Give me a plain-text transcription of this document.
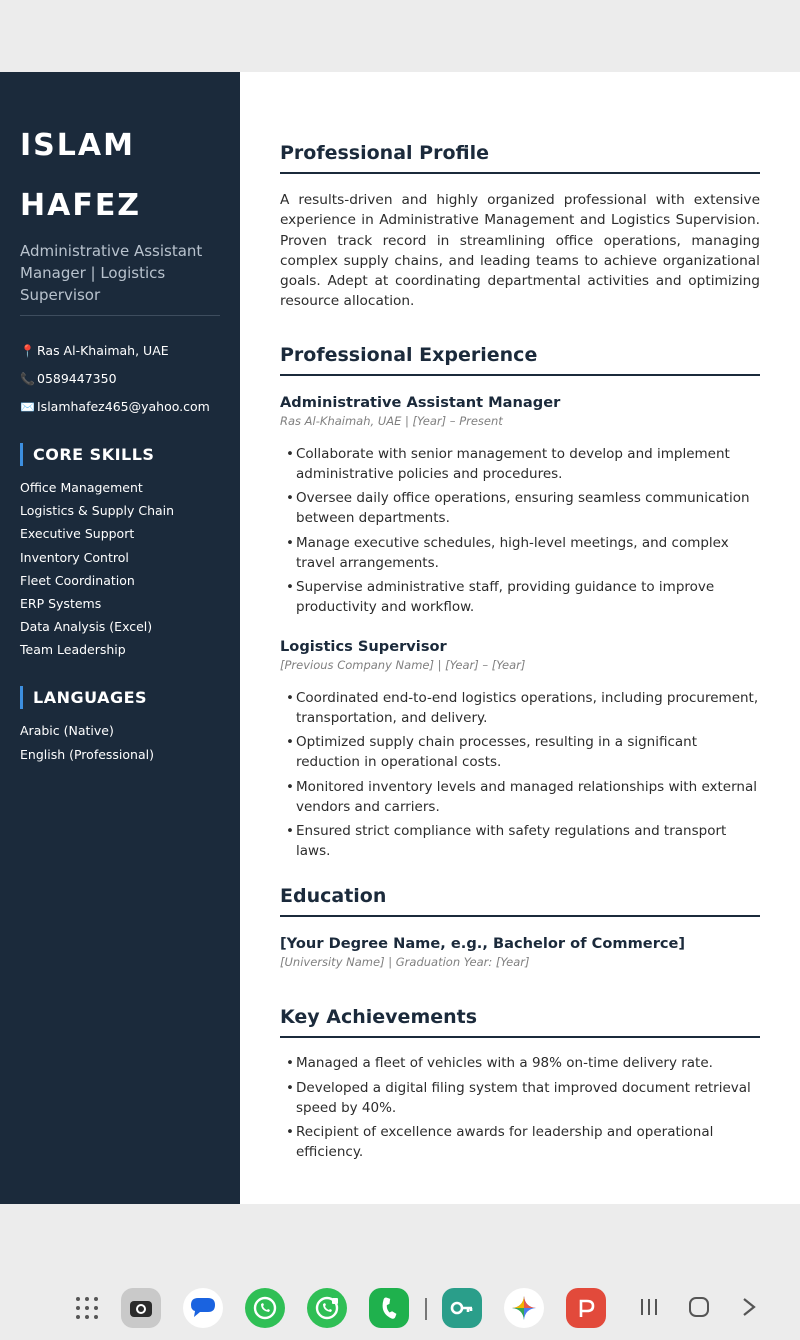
ISLAM
HAFEZ
Administrative Assistant Manager | Logistics Supervisor
📍 Ras Al-Khaimah, UAE
📞 0589447350
✉️ Islamhafez465@yahoo.com
CORE SKILLS
Office Management
Logistics & Supply Chain
Executive Support
Inventory Control
Fleet Coordination
ERP Systems
Data Analysis (Excel)
Team Leadership
LANGUAGES
Arabic (Native)
English (Professional)
Professional Profile

A results-driven and highly organized professional with extensive experience in Administrative Management and Logistics Supervision. Proven track record in streamlining office operations, managing complex supply chains, and leading teams to achieve organizational goals. Adept at coordinating departmental activities and optimizing resource allocation.

Professional Experience
Administrative Assistant Manager
Ras Al-Khaimah, UAE | [Year] – Present
• Collaborate with senior management to develop and implement administrative policies and procedures.
• Oversee daily office operations, ensuring seamless communication between departments.
• Manage executive schedules, high-level meetings, and complex travel arrangements.
• Supervise administrative staff, providing guidance to improve productivity and workflow.
Logistics Supervisor
[Previous Company Name] | [Year] – [Year]
• Coordinated end-to-end logistics operations, including procurement, transportation, and delivery.
• Optimized supply chain processes, resulting in a significant reduction in operational costs.
• Monitored inventory levels and managed relationships with external vendors and carriers.
• Ensured strict compliance with safety regulations and transport laws.
Education
[Your Degree Name, e.g., Bachelor of Commerce]
[University Name] | Graduation Year: [Year]
Key Achievements
• Managed a fleet of vehicles with a 98% on-time delivery rate.
• Developed a digital filing system that improved document retrieval speed by 40%.
• Recipient of excellence awards for leadership and operational efficiency.
